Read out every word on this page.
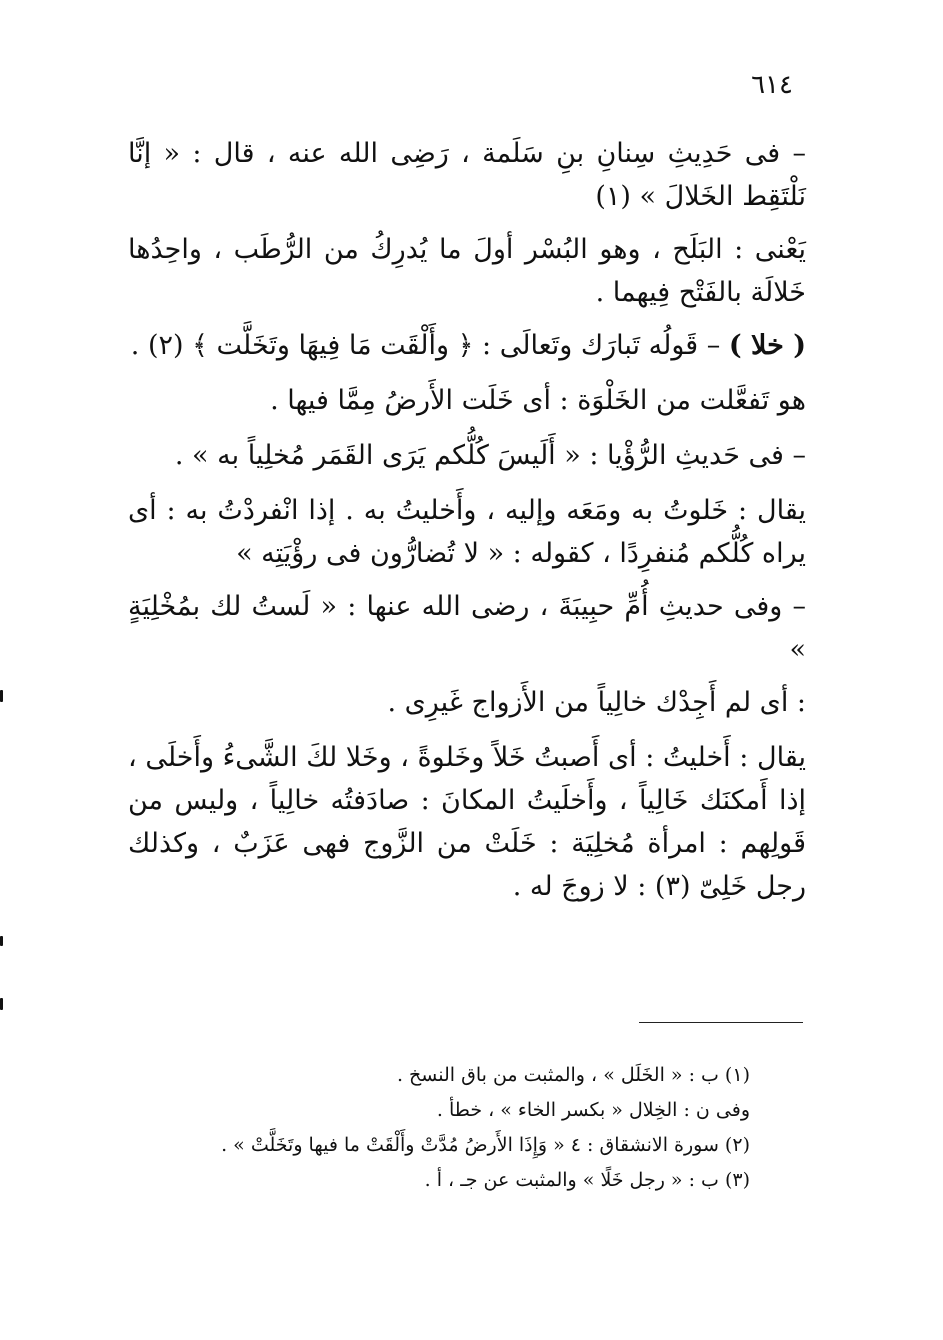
٦١٤

– فى حَدِيثِ سِنانِ بنِ سَلَمة ، رَضِى الله عنه ، قال : « إنَّا نَلْتَقِط الخَلالَ » (١)

يَعْنى : البَلَح ، وهو البُسْر أولَ ما يُدرِكُ من الرُّطَب ، واحِدُها خَلالَة بالفَتْح فِيهما .

( خلا ) – قَولُه تَبارَك وتَعالَى : ﴿ وأَلْقَت مَا فِيهَا وتَخَلَّت ﴾ (٢) .

هو تَفعَّلت من الخَلْوَة : أى خَلَت الأَرضُ مِمَّا فيها .

– فى حَديثِ الرُّؤْيا : « أَلَيسَ كُلُّكم يَرَى القَمَر مُخلِياً به » .

يقال : خَلوتُ به ومَعَه وإليه ، وأَخليتُ به . إذا انْفردْتُ به : أى يراه كُلُّكم مُنفرِدًا ، كقوله : « لا تُضارُّون فى رؤْيَتِه »

– وفى حديثِ أُمِّ حبِيبَةَ ، رضى الله عنها : « لَستُ لك بمُخْلِيَةٍ »

: أى لم أَجِدْك خالِياً من الأَزواج غَيرِى .

يقال : أَخليتُ : أى أَصبتُ خَلاً وخَلوةً ، وخَلا لكَ الشَّىءُ وأَخلَى ، إذا أَمكنَك خَالِياً ، وأَخلَيتُ المكانَ : صادَفتُه خالِياً ، وليس من قَولِهم : امرأة مُخلِيَة : خَلَتْ من الزَّوج فهى عَزَبٌ ، وكذلك رجل خَلِىّ (٣) : لا زوجَ له .

(١) ب : « الخَلَل » ، والمثبت من باق النسخ .
وفى ن : الخِلال « بكسر الخاء » ، خطأ .
(٢) سورة الانشقاق : ٤ « وَإِذَا الأَرضُ مُدَّتْ وأَلْقَتْ ما فيها وتَخَلَّتْ » .
(٣) ب : « رجل خَلًا » والمثبت عن جـ ، أ .
